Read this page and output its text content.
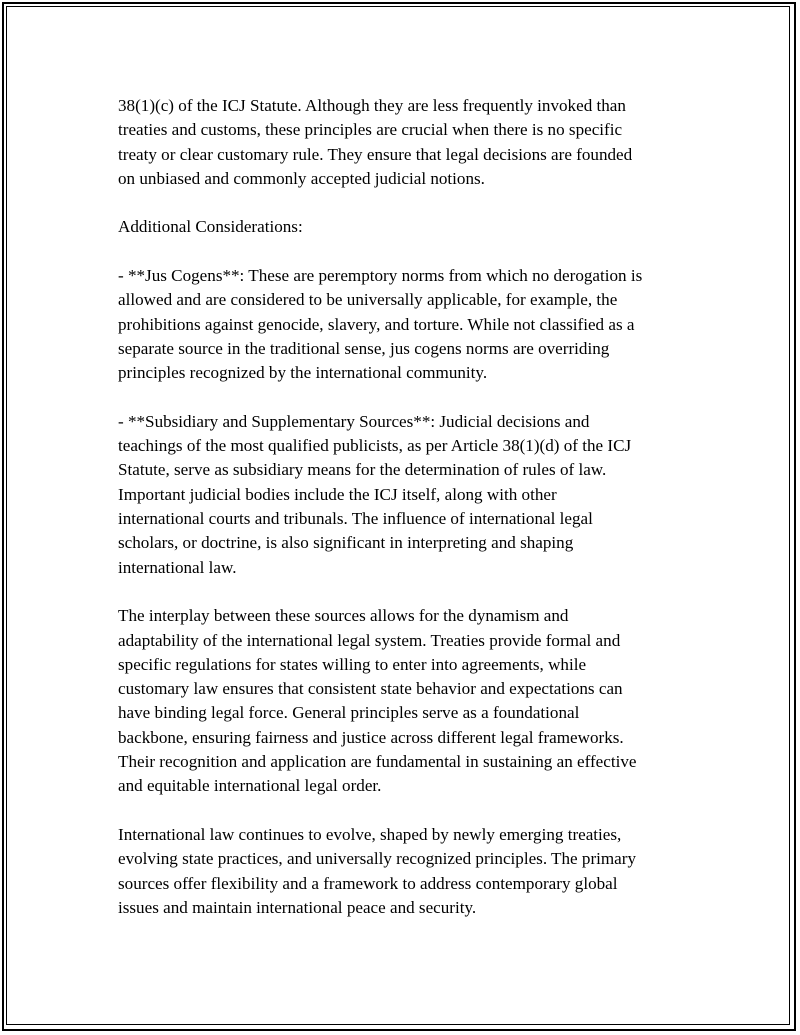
38(1)(c) of the ICJ Statute. Although they are less frequently invoked than
treaties and customs, these principles are crucial when there is no specific
treaty or clear customary rule. They ensure that legal decisions are founded
on unbiased and commonly accepted judicial notions.

Additional Considerations:

- **Jus Cogens**: These are peremptory norms from which no derogation is
allowed and are considered to be universally applicable, for example, the
prohibitions against genocide, slavery, and torture. While not classified as a
separate source in the traditional sense, jus cogens norms are overriding
principles recognized by the international community.

- **Subsidiary and Supplementary Sources**: Judicial decisions and
teachings of the most qualified publicists, as per Article 38(1)(d) of the ICJ
Statute, serve as subsidiary means for the determination of rules of law.
Important judicial bodies include the ICJ itself, along with other
international courts and tribunals. The influence of international legal
scholars, or doctrine, is also significant in interpreting and shaping
international law.

The interplay between these sources allows for the dynamism and
adaptability of the international legal system. Treaties provide formal and
specific regulations for states willing to enter into agreements, while
customary law ensures that consistent state behavior and expectations can
have binding legal force. General principles serve as a foundational
backbone, ensuring fairness and justice across different legal frameworks.
Their recognition and application are fundamental in sustaining an effective
and equitable international legal order.

International law continues to evolve, shaped by newly emerging treaties,
evolving state practices, and universally recognized principles. The primary
sources offer flexibility and a framework to address contemporary global
issues and maintain international peace and security.
